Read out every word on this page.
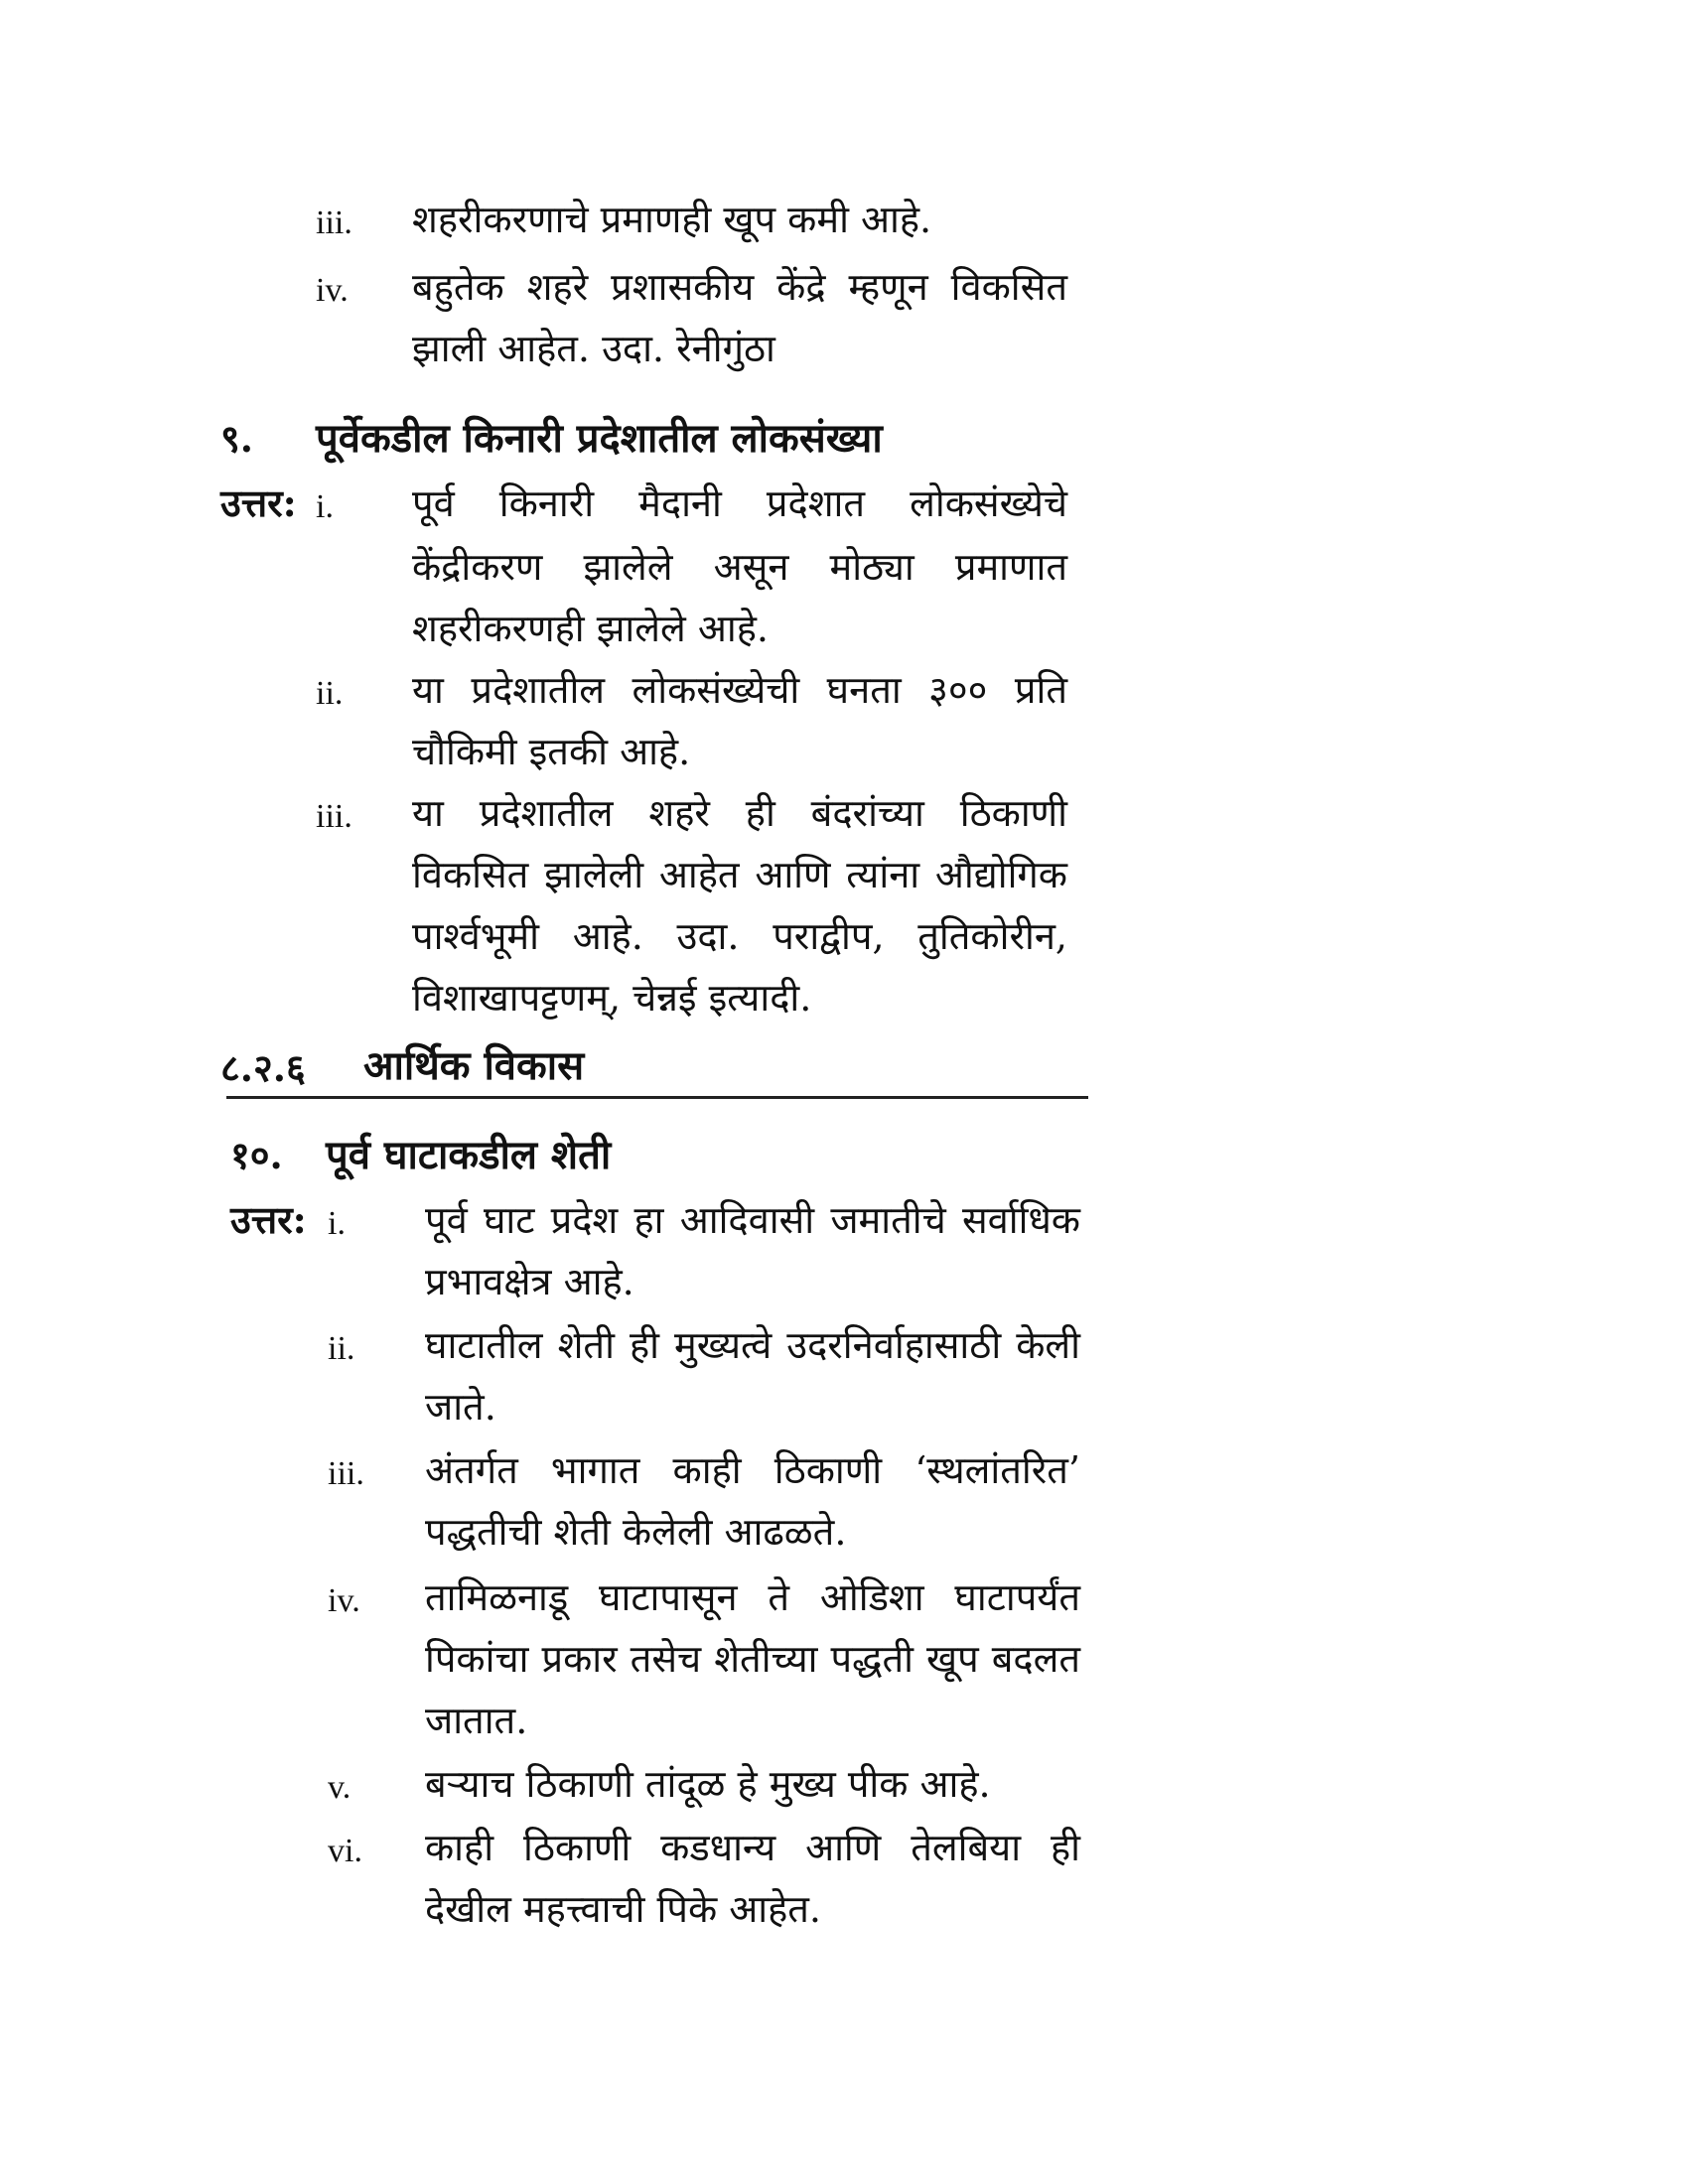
iii. शहरीकरणाचे प्रमाणही खूप कमी आहे.
iv. बहुतेक शहरे प्रशासकीय केंद्रे म्हणून विकसित
झाली आहेत. उदा. रेनीगुंठा
९. पूर्वेकडील किनारी प्रदेशातील लोकसंख्या
उत्तर: i. पूर्व किनारी मैदानी प्रदेशात लोकसंख्येचे
केंद्रीकरण झालेले असून मोठ्या प्रमाणात
शहरीकरणही झालेले आहे.
ii. या प्रदेशातील लोकसंख्येची घनता ३०० प्रति
चौकिमी इतकी आहे.
iii. या प्रदेशातील शहरे ही बंदरांच्या ठिकाणी
विकसित झालेली आहेत आणि त्यांना औद्योगिक
पार्श्वभूमी आहे. उदा. पराद्वीप, तुतिकोरीन,
विशाखापट्टणम्, चेन्नई इत्यादी.
८.२.६ आर्थिक विकास
१०. पूर्व घाटाकडील शेती
उत्तर: i. पूर्व घाट प्रदेश हा आदिवासी जमातीचे सर्वाधिक
प्रभावक्षेत्र आहे.
ii. घाटातील शेती ही मुख्यत्वे उदरनिर्वाहासाठी केली
जाते.
iii. अंतर्गत भागात काही ठिकाणी ‘स्थलांतरित’
पद्धतीची शेती केलेली आढळते.
iv. तामिळनाडू घाटापासून ते ओडिशा घाटापर्यंत
पिकांचा प्रकार तसेच शेतीच्या पद्धती खूप बदलत
जातात.
v. बऱ्याच ठिकाणी तांदूळ हे मुख्य पीक आहे.
vi. काही ठिकाणी कडधान्य आणि तेलबिया ही
देखील महत्त्वाची पिके आहेत.
